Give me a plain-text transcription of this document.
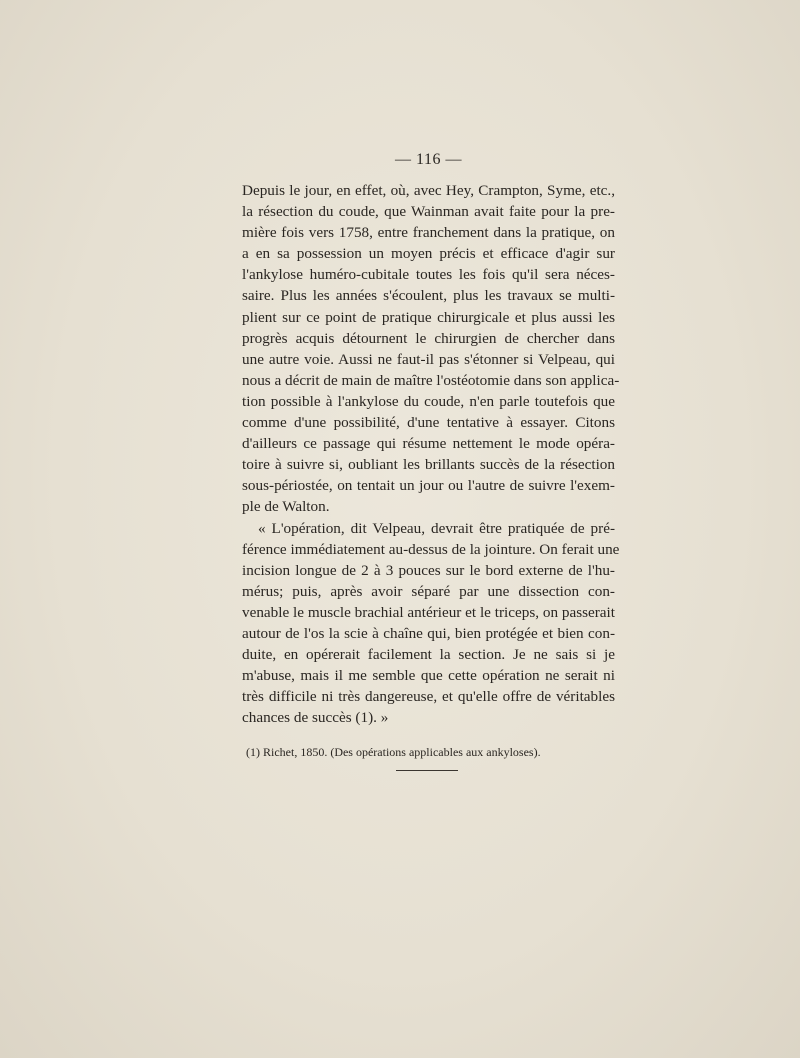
— 116 —
Depuis le jour, en effet, où, avec Hey, Crampton, Syme, etc.,
la résection du coude, que Wainman avait faite pour la pre-
mière fois vers 1758, entre franchement dans la pratique, on
a en sa possession un moyen précis et efficace d'agir sur
l'ankylose huméro-cubitale toutes les fois qu'il sera néces-
saire. Plus les années s'écoulent, plus les travaux se multi-
plient sur ce point de pratique chirurgicale et plus aussi les
progrès acquis détournent le chirurgien de chercher dans
une autre voie. Aussi ne faut-il pas s'étonner si Velpeau, qui
nous a décrit de main de maître l'ostéotomie dans son applica-
tion possible à l'ankylose du coude, n'en parle toutefois que
comme d'une possibilité, d'une tentative à essayer. Citons
d'ailleurs ce passage qui résume nettement le mode opéra-
toire à suivre si, oubliant les brillants succès de la résection
sous-périostée, on tentait un jour ou l'autre de suivre l'exem-
ple de Walton.
« L'opération, dit Velpeau, devrait être pratiquée de pré-
férence immédiatement au-dessus de la jointure. On ferait une
incision longue de 2 à 3 pouces sur le bord externe de l'hu-
mérus; puis, après avoir séparé par une dissection con-
venable le muscle brachial antérieur et le triceps, on passerait
autour de l'os la scie à chaîne qui, bien protégée et bien con-
duite, en opérerait facilement la section. Je ne sais si je
m'abuse, mais il me semble que cette opération ne serait ni
très difficile ni très dangereuse, et qu'elle offre de véritables
chances de succès (1). »
(1) Richet, 1850. (Des opérations applicables aux ankyloses).
